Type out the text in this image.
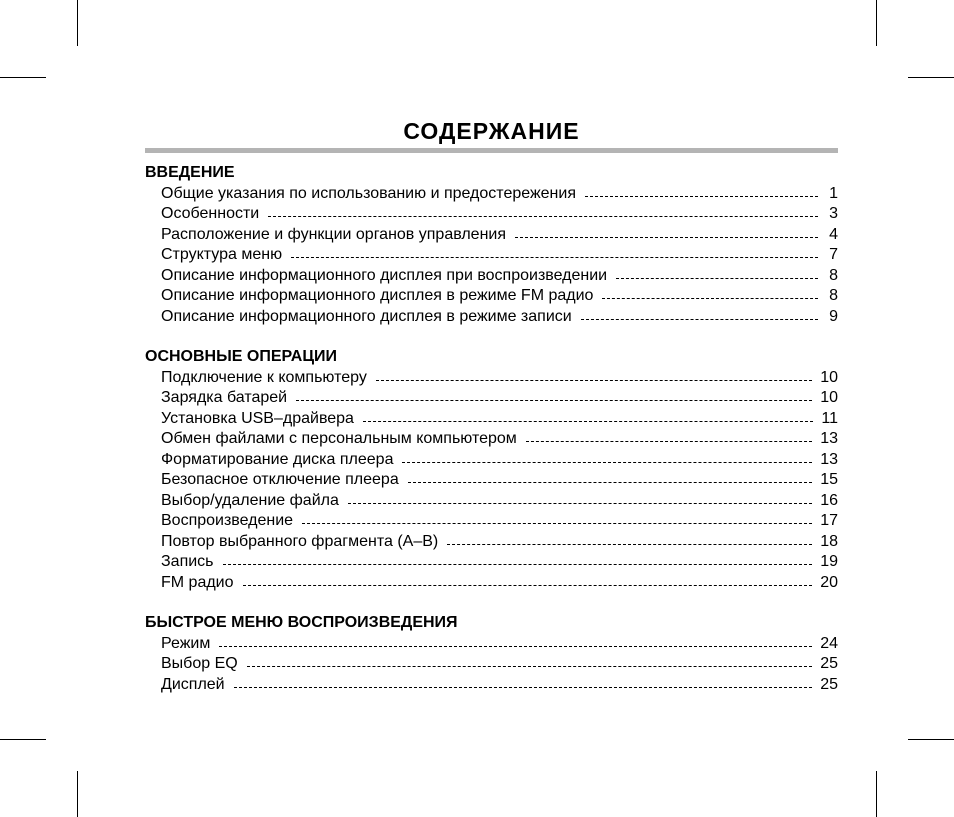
СОДЕРЖАНИЕ
ВВЕДЕНИЕ
Общие указания по использованию и предостережения	1
Особенности	3
Расположение и функции органов управления	4
Структура меню	7
Описание информационного дисплея при воспроизведении	8
Описание информационного дисплея в режиме FM радио	8
Описание информационного дисплея в режиме записи	9
ОСНОВНЫЕ ОПЕРАЦИИ
Подключение к компьютеру	10
Зарядка батарей	10
Установка USB–драйвера	11
Обмен файлами с персональным компьютером	13
Форматирование диска плеера	13
Безопасное отключение плеера	15
Выбор/удаление файла	16
Воспроизведение	17
Повтор выбранного фрагмента (A–B)	18
Запись	19
FM радио	20
БЫСТРОЕ МЕНЮ ВОСПРОИЗВЕДЕНИЯ
Режим	24
Выбор EQ	25
Дисплей	25
